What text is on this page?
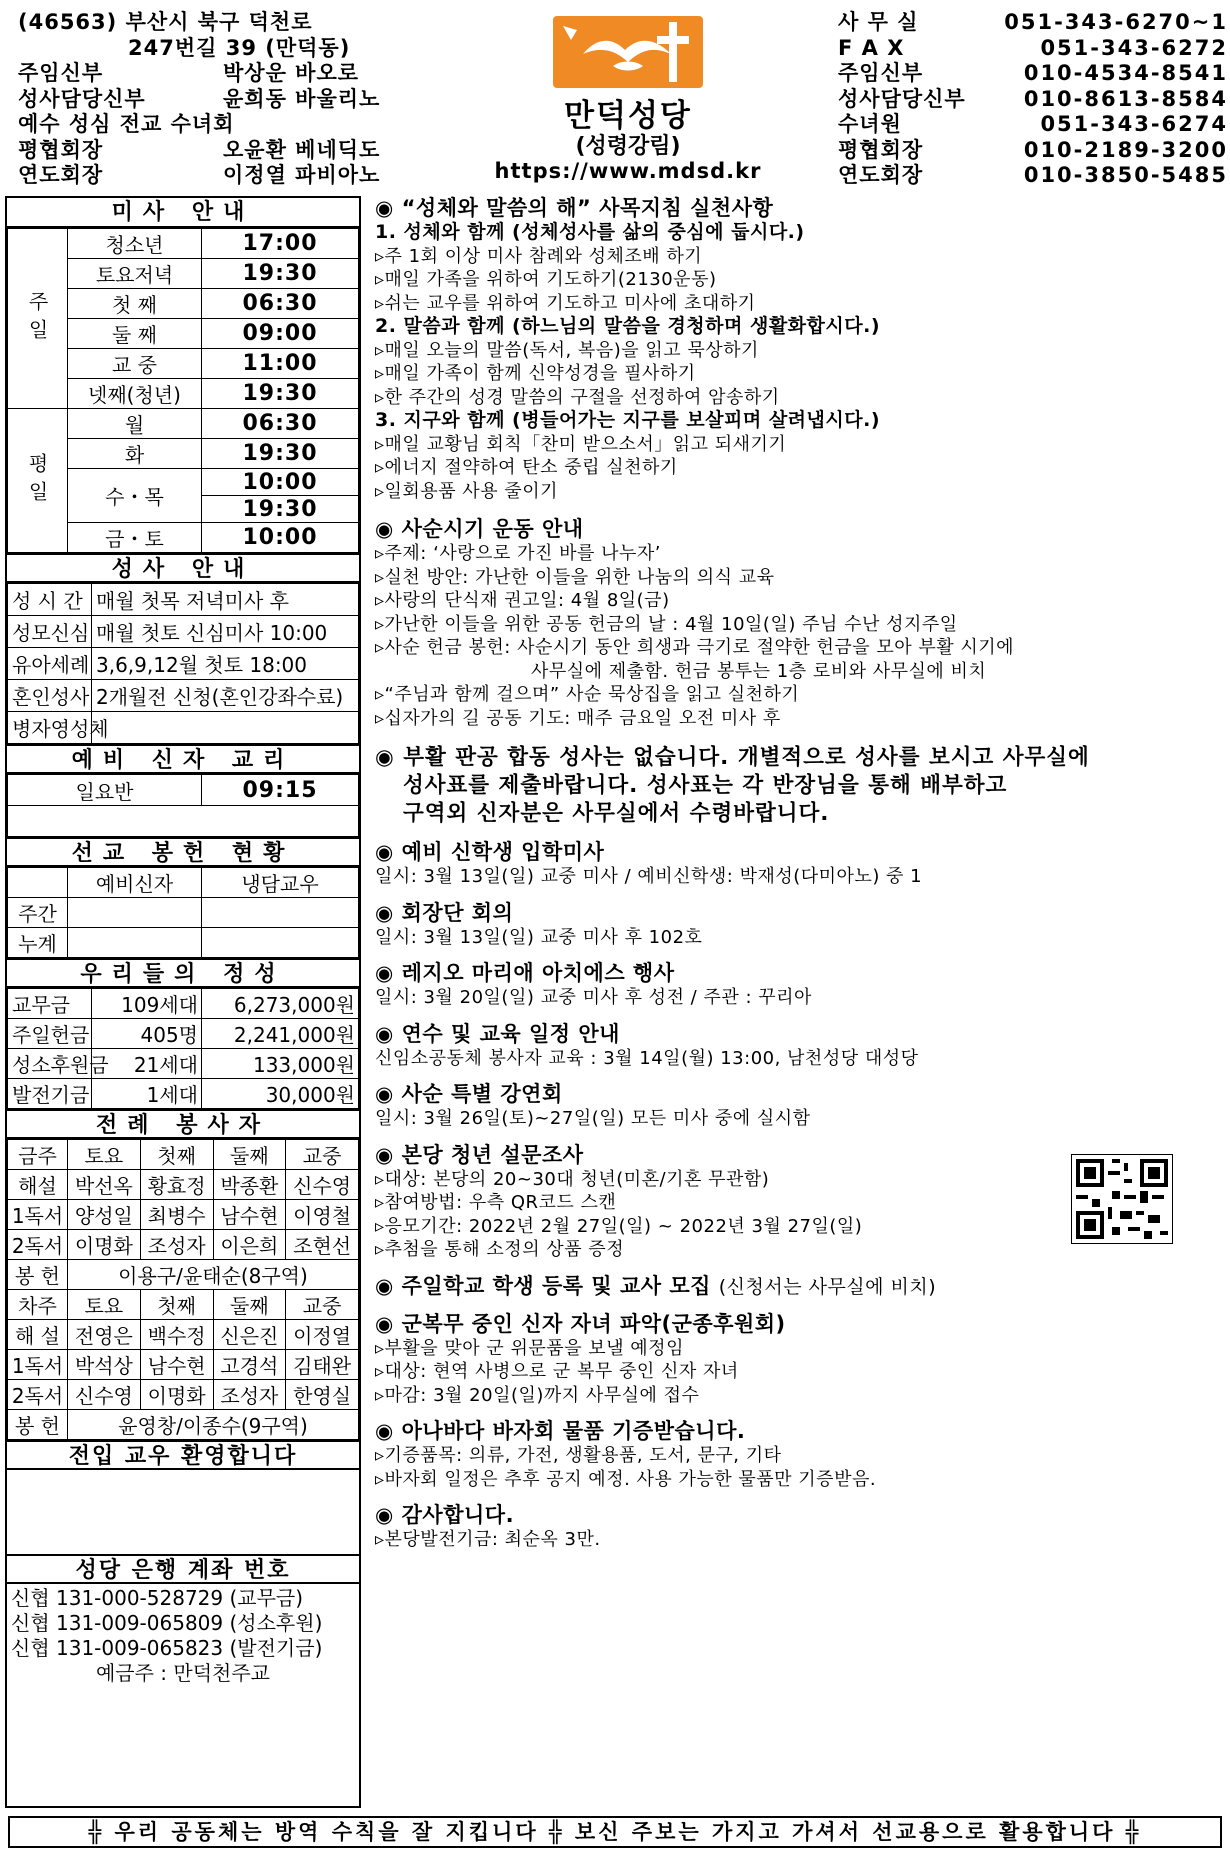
(46563) 부산시 북구 덕천로
247번길 39 (만덕동)
주임신부	박상운 바오로
성사담당신부	윤희동 바울리노
예수 성심 전교 수녀회
평협회장	오윤환 베네딕도
연도회장	이정열 파비아노
만덕성당
(성령강림)
https://www.mdsd.kr
사 무 실	051-343-6270~1
F A X	051-343-6272
주임신부	010-4534-8541
성사담당신부	010-8613-8584
수녀원	051-343-6274
평협회장	010-2189-3200
연도회장	010-3850-5485
미사 안내
주일	청소년	17:00
	토요저녁	19:30
	첫 째	06:30
	둘 째	09:00
	교 중	11:00
	넷째(청년)	19:30
평일	월	06:30
	화	19:30
	수・목	10:00
		19:30
	금・토	10:00
성사 안내
성 시 간	매월 첫목 저녁미사 후
성모신심	매월 첫토 신심미사 10:00
유아세례	3,6,9,12월 첫토 18:00
혼인성사	2개월전 신청(혼인강좌수료)
병자영성체	
예비 신자 교리
일요반	09:15

선교 봉헌 현황
	예비신자	냉담교우
주간		
누계		
우리들의 정성
교무금	109세대	6,273,000원
주일헌금	405명	2,241,000원
성소후원금	21세대	133,000원
발전기금	1세대	30,000원
전례 봉사자
금주	토요	첫째	둘째	교중
해설	박선옥	황효정	박종환	신수영
1독서	양성일	최병수	남수현	이영철
2독서	이명화	조성자	이은희	조현선
봉 헌	이용구/윤태순(8구역)			
차주	토요	첫째	둘째	교중
해 설	전영은	백수정	신은진	이정열
1독서	박석상	남수현	고경석	김태완
2독서	신수영	이명화	조성자	한영실
봉 헌	윤영창/이종수(9구역)			
전입 교우 환영합니다
성당 은행 계좌 번호
신협 131-000-528729 (교무금)
신협 131-009-065809 (성소후원)
신협 131-009-065823 (발전기금)
예금주 : 만덕천주교
◉ “성체와 말씀의 해” 사목지침 실천사항
1. 성체와 함께 (성체성사를 삶의 중심에 둡시다.)
▹주 1회 이상 미사 참례와 성체조배 하기
▹매일 가족을 위하여 기도하기(2130운동)
▹쉬는 교우를 위하여 기도하고 미사에 초대하기
2. 말씀과 함께 (하느님의 말씀을 경청하며 생활화합시다.)
▹매일 오늘의 말씀(독서, 복음)을 읽고 묵상하기
▹매일 가족이 함께 신약성경을 필사하기
▹한 주간의 성경 말씀의 구절을 선정하여 암송하기
3. 지구와 함께 (병들어가는 지구를 보살피며 살려냅시다.)
▹매일 교황님 회칙「찬미 받으소서」읽고 되새기기
▹에너지 절약하여 탄소 중립 실천하기
▹일회용품 사용 줄이기
◉ 사순시기 운동 안내
▹주제: ‘사랑으로 가진 바를 나누자’
▹실천 방안: 가난한 이들을 위한 나눔의 의식 교육
▹사랑의 단식재 권고일: 4월 8일(금)
▹가난한 이들을 위한 공동 헌금의 날 : 4월 10일(일) 주님 수난 성지주일
▹사순 헌금 봉헌: 사순시기 동안 희생과 극기로 절약한 헌금을 모아 부활 시기에
사무실에 제출함. 헌금 봉투는 1층 로비와 사무실에 비치
▹“주님과 함께 걸으며” 사순 묵상집을 읽고 실천하기
▹십자가의 길 공동 기도: 매주 금요일 오전 미사 후
◉ 부활 판공 합동 성사는 없습니다. 개별적으로 성사를 보시고 사무실에
성사표를 제출바랍니다. 성사표는 각 반장님을 통해 배부하고
구역외 신자분은 사무실에서 수령바랍니다.
◉ 예비 신학생 입학미사
일시: 3월 13일(일) 교중 미사 / 예비신학생: 박재성(다미아노) 중 1
◉ 회장단 회의
일시: 3월 13일(일) 교중 미사 후 102호
◉ 레지오 마리애 아치에스 행사
일시: 3월 20일(일) 교중 미사 후 성전 / 주관 : 꾸리아
◉ 연수 및 교육 일정 안내
신임소공동체 봉사자 교육 : 3월 14일(월) 13:00, 남천성당 대성당
◉ 사순 특별 강연회
일시: 3월 26일(토)~27일(일) 모든 미사 중에 실시함
◉ 본당 청년 설문조사
▹대상: 본당의 20~30대 청년(미혼/기혼 무관함)
▹참여방법: 우측 QR코드 스캔
▹응모기간: 2022년 2월 27일(일) ~ 2022년 3월 27일(일)
▹추첨을 통해 소정의 상품 증정
◉ 주일학교 학생 등록 및 교사 모집 (신청서는 사무실에 비치)
◉ 군복무 중인 신자 자녀 파악(군종후원회)
▹부활을 맞아 군 위문품을 보낼 예정임
▹대상: 현역 사병으로 군 복무 중인 신자 자녀
▹마감: 3월 20일(일)까지 사무실에 접수
◉ 아나바다 바자회 물품 기증받습니다.
▹기증품목: 의류, 가전, 생활용품, 도서, 문구, 기타
▹바자회 일정은 추후 공지 예정. 사용 가능한 물품만 기증받음.
◉ 감사합니다.
▹본당발전기금: 최순옥 3만.
╬ 우리 공동체는 방역 수칙을 잘 지킵니다 ╬ 보신 주보는 가지고 가셔서 선교용으로 활용합니다 ╬
